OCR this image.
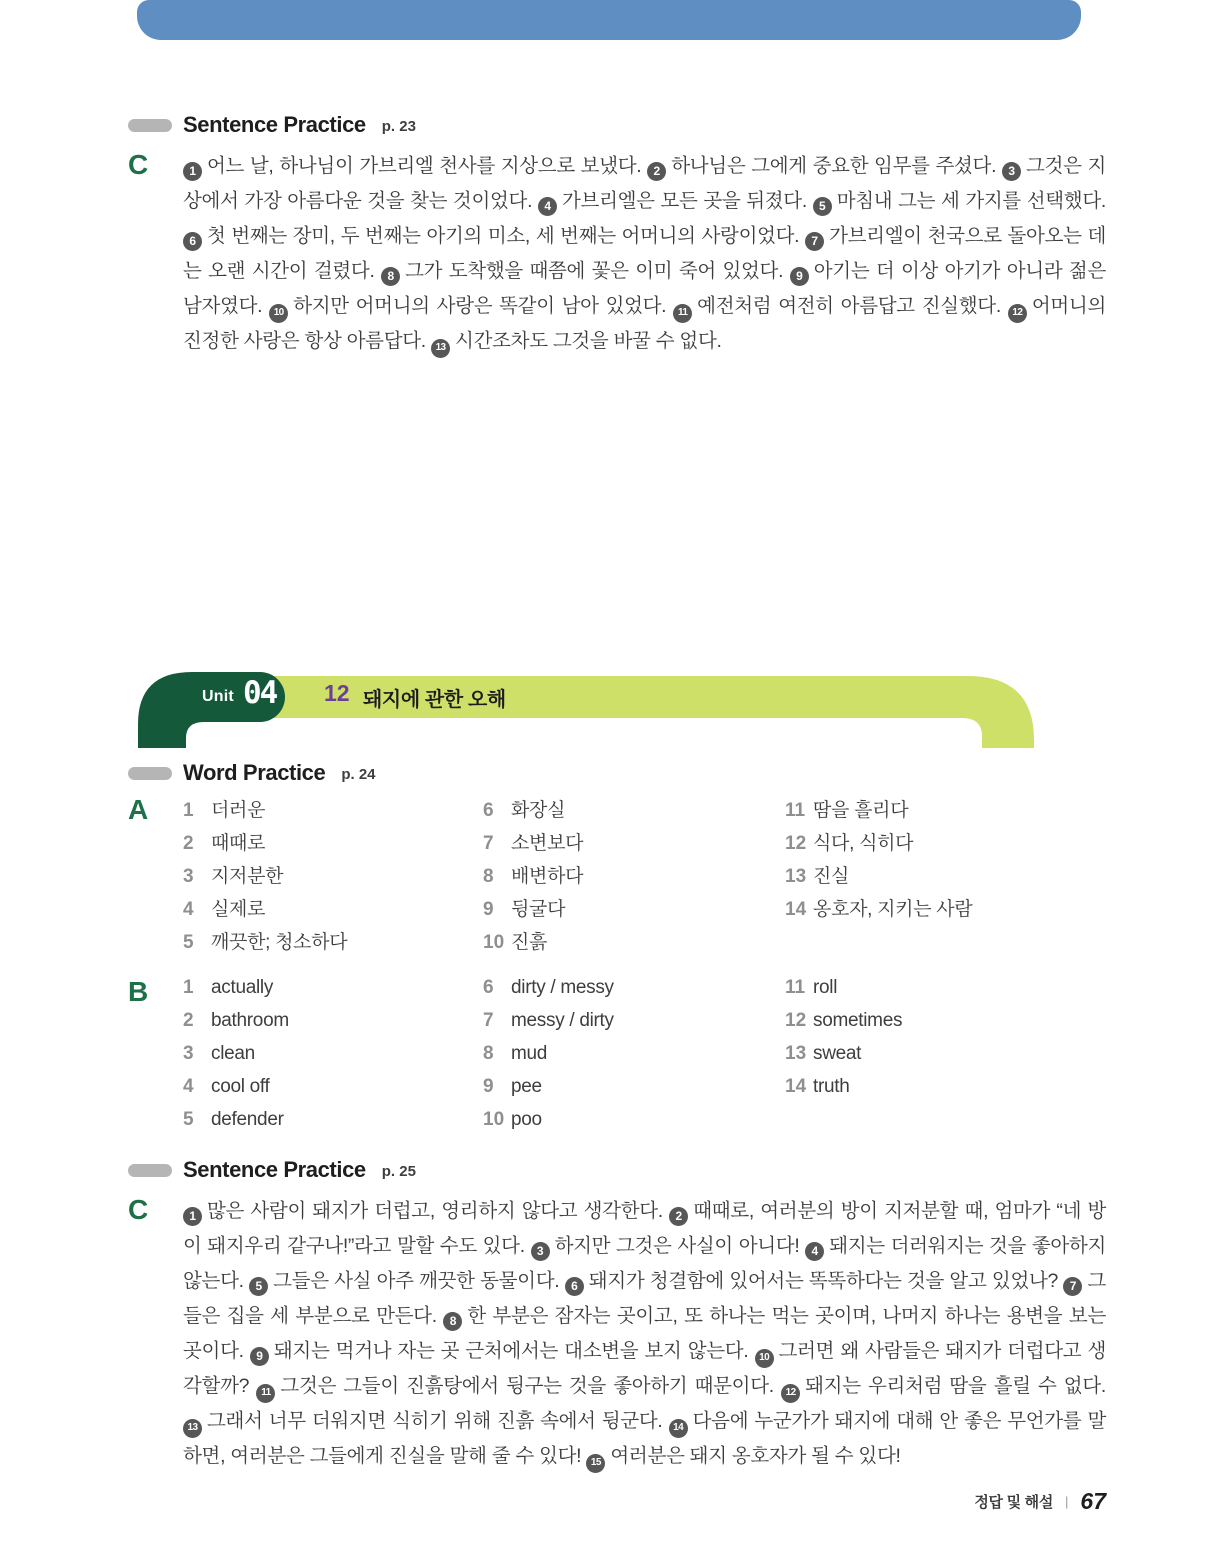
Sentence Practice p. 23
C	1 어느 날, 하나님이 가브리엘 천사를 지상으로 보냈다. 2 하나님은 그에게 중요한 임무를 주셨다. 3 그것은 지상에서 가장 아름다운 것을 찾는 것이었다. 4 가브리엘은 모든 곳을 뒤졌다. 5 마침내 그는 세 가지를 선택했다. 6 첫 번째는 장미, 두 번째는 아기의 미소, 세 번째는 어머니의 사랑이었다. 7 가브리엘이 천국으로 돌아오는 데는 오랜 시간이 걸렸다. 8 그가 도착했을 때쯤에 꽃은 이미 죽어 있었다. 9 아기는 더 이상 아기가 아니라 젊은 남자였다. 10 하지만 어머니의 사랑은 똑같이 남아 있었다. 11 예전처럼 여전히 아름답고 진실했다. 12 어머니의 진정한 사랑은 항상 아름답다. 13 시간조차도 그것을 바꿀 수 없다.

Unit 04 12 돼지에 관한 오해
Word Practice p. 24
A	1 더러운
2 때때로
3 지저분한
4 실제로
5 깨끗한; 청소하다
6 화장실
7 소변보다
8 배변하다
9 뒹굴다
10 진흙
11 땀을 흘리다
12 식다, 식히다
13 진실
14 옹호자, 지키는 사람
B	1 actually
2 bathroom
3 clean
4 cool off
5 defender
6 dirty / messy
7 messy / dirty
8 mud
9 pee
10 poo
11 roll
12 sometimes
13 sweat
14 truth
Sentence Practice p. 25
C	1 많은 사람이 돼지가 더럽고, 영리하지 않다고 생각한다. 2 때때로, 여러분의 방이 지저분할 때, 엄마가 “네 방이 돼지우리 같구나!”라고 말할 수도 있다. 3 하지만 그것은 사실이 아니다! 4 돼지는 더러워지는 것을 좋아하지 않는다. 5 그들은 사실 아주 깨끗한 동물이다. 6 돼지가 청결함에 있어서는 똑똑하다는 것을 알고 있었나? 7 그들은 집을 세 부분으로 만든다. 8 한 부분은 잠자는 곳이고, 또 하나는 먹는 곳이며, 나머지 하나는 용변을 보는 곳이다. 9 돼지는 먹거나 자는 곳 근처에서는 대소변을 보지 않는다. 10 그러면 왜 사람들은 돼지가 더럽다고 생각할까? 11 그것은 그들이 진흙탕에서 뒹구는 것을 좋아하기 때문이다. 12 돼지는 우리처럼 땀을 흘릴 수 없다. 13 그래서 너무 더워지면 식히기 위해 진흙 속에서 뒹군다. 14 다음에 누군가가 돼지에 대해 안 좋은 무언가를 말하면, 여러분은 그들에게 진실을 말해 줄 수 있다! 15 여러분은 돼지 옹호자가 될 수 있다!

정답 및 해설 | 67
